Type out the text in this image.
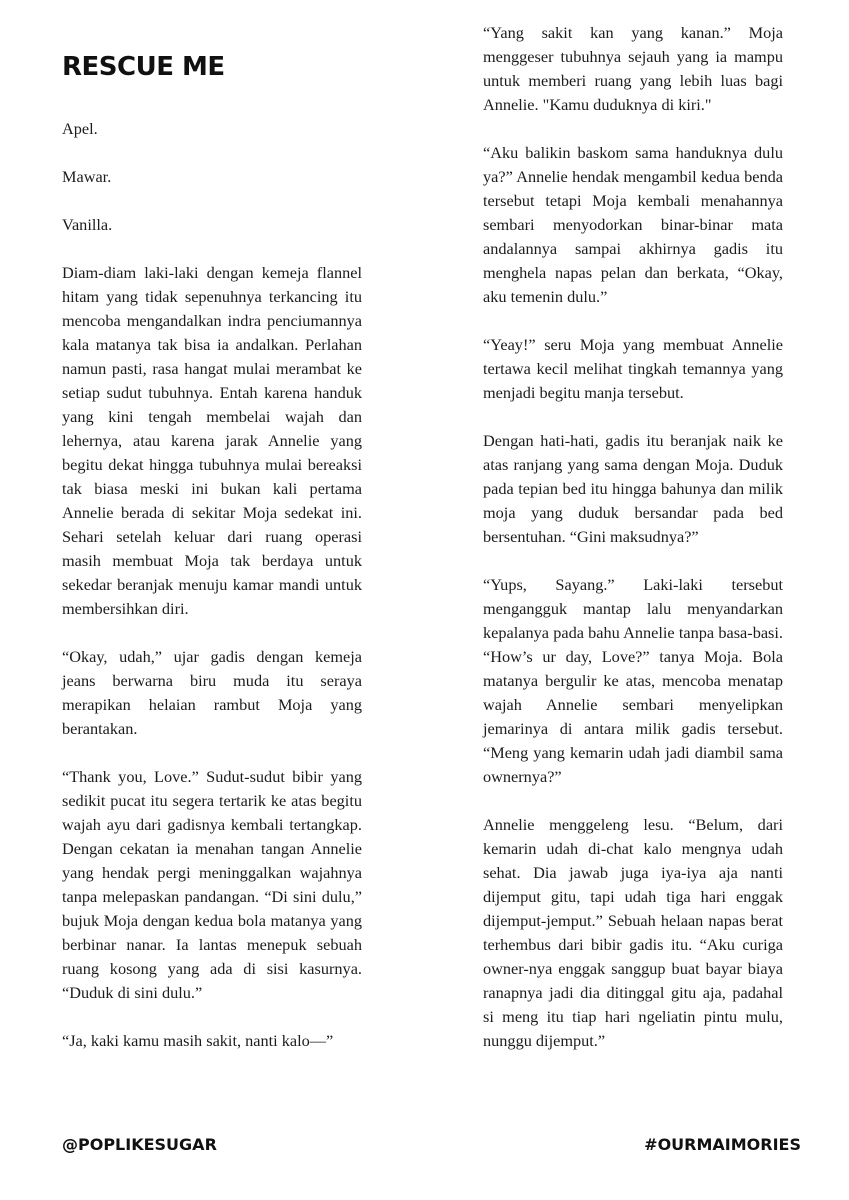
RESCUE ME

Apel.

Mawar.

Vanilla.

Diam-diam laki-laki dengan kemeja flannel hitam yang tidak sepenuhnya terkancing itu mencoba mengandalkan indra penciumannya kala matanya tak bisa ia andalkan. Perlahan namun pasti, rasa hangat mulai merambat ke setiap sudut tubuhnya. Entah karena handuk yang kini tengah membelai wajah dan lehernya, atau karena jarak Annelie yang begitu dekat hingga tubuhnya mulai bereaksi tak biasa meski ini bukan kali pertama Annelie berada di sekitar Moja sedekat ini. Sehari setelah keluar dari ruang operasi masih membuat Moja tak berdaya untuk sekedar beranjak menuju kamar mandi untuk membersihkan diri.

“Okay, udah,” ujar gadis dengan kemeja jeans berwarna biru muda itu seraya merapikan helaian rambut Moja yang berantakan.

“Thank you, Love.” Sudut-sudut bibir yang sedikit pucat itu segera tertarik ke atas begitu wajah ayu dari gadisnya kembali tertangkap. Dengan cekatan ia menahan tangan Annelie yang hendak pergi meninggalkan wajahnya tanpa melepaskan pandangan. “Di sini dulu,” bujuk Moja dengan kedua bola matanya yang berbinar nanar. Ia lantas menepuk sebuah ruang kosong yang ada di sisi kasurnya. “Duduk di sini dulu.”

“Ja, kaki kamu masih sakit, nanti kalo—”

“Yang sakit kan yang kanan.” Moja menggeser tubuhnya sejauh yang ia mampu untuk memberi ruang yang lebih luas bagi Annelie. "Kamu duduknya di kiri."

“Aku balikin baskom sama handuknya dulu ya?” Annelie hendak mengambil kedua benda tersebut tetapi Moja kembali menahannya sembari menyodorkan binar-binar mata andalannya sampai akhirnya gadis itu menghela napas pelan dan berkata, “Okay, aku temenin dulu.”

“Yeay!” seru Moja yang membuat Annelie tertawa kecil melihat tingkah temannya yang menjadi begitu manja tersebut.

Dengan hati-hati, gadis itu beranjak naik ke atas ranjang yang sama dengan Moja. Duduk pada tepian bed itu hingga bahunya dan milik moja yang duduk bersandar pada bed bersentuhan. “Gini maksudnya?”

“Yups, Sayang.” Laki-laki tersebut mengangguk mantap lalu menyandarkan kepalanya pada bahu Annelie tanpa basa-basi. “How’s ur day, Love?” tanya Moja. Bola matanya bergulir ke atas, mencoba menatap wajah Annelie sembari menyelipkan jemarinya di antara milik gadis tersebut. “Meng yang kemarin udah jadi diambil sama ownernya?”

Annelie menggeleng lesu. “Belum, dari kemarin udah di-chat kalo mengnya udah sehat. Dia jawab juga iya-iya aja nanti dijemput gitu, tapi udah tiga hari enggak dijemput-jemput.” Sebuah helaan napas berat terhembus dari bibir gadis itu. “Aku curiga owner-nya enggak sanggup buat bayar biaya ranapnya jadi dia ditinggal gitu aja, padahal si meng itu tiap hari ngeliatin pintu mulu, nunggu dijemput.”

@POPLIKESUGAR	#OURMAIMORIES
